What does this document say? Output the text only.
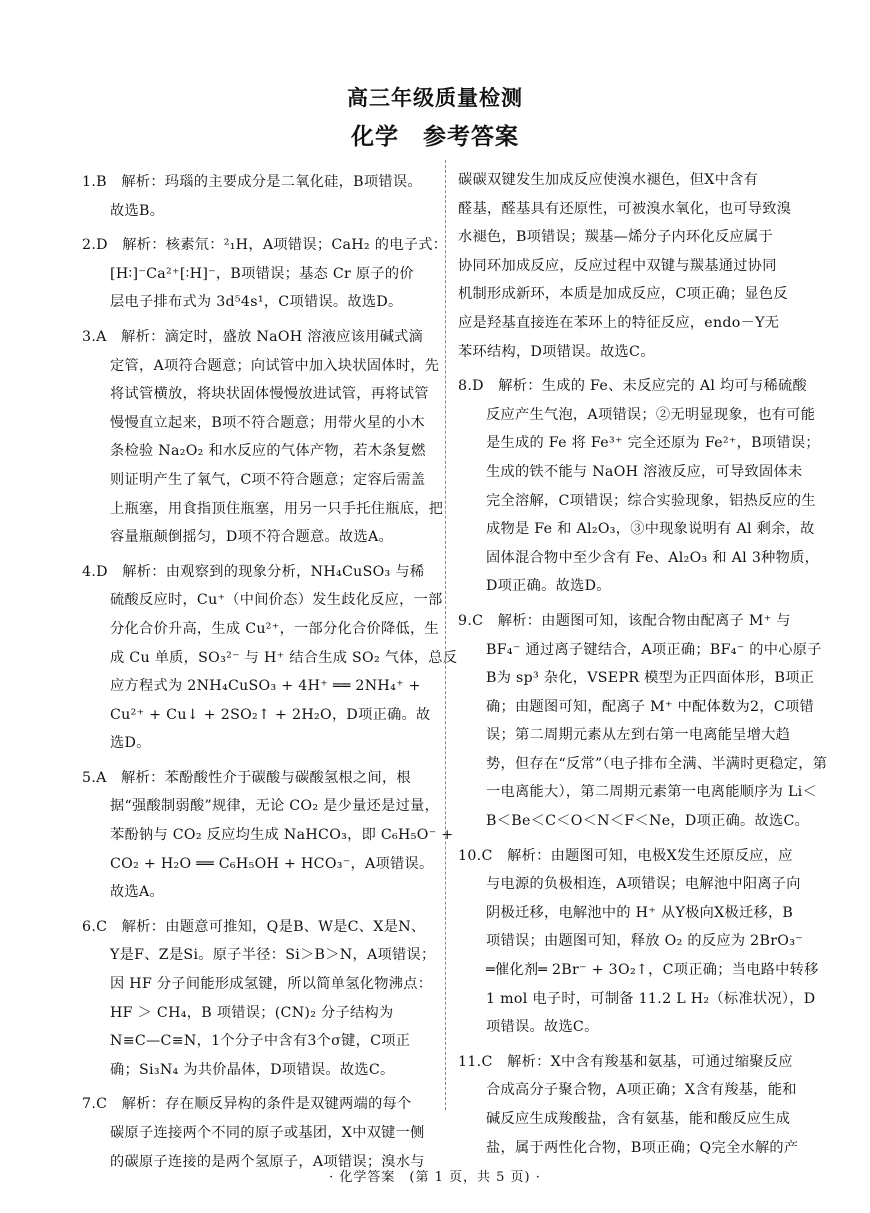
高三年级质量检测
化学　参考答案
1.B　解析：玛瑙的主要成分是二氧化硅，B项错误。
故选B。
2.D　解析：核素氘：²₁H，A项错误；CaH₂ 的电子式：
[H∶]⁻Ca²⁺[∶H]⁻，B项错误；基态 Cr 原子的价
层电子排布式为 3d⁵4s¹，C项错误。故选D。
3.A　解析：滴定时，盛放 NaOH 溶液应该用碱式滴
定管，A项符合题意；向试管中加入块状固体时，先
将试管横放，将块状固体慢慢放进试管，再将试管
慢慢直立起来，B项不符合题意；用带火星的小木
条检验 Na₂O₂ 和水反应的气体产物，若木条复燃
则证明产生了氧气，C项不符合题意；定容后需盖
上瓶塞，用食指顶住瓶塞，用另一只手托住瓶底，把
容量瓶颠倒摇匀，D项不符合题意。故选A。
4.D　解析：由观察到的现象分析，NH₄CuSO₃ 与稀
硫酸反应时，Cu⁺（中间价态）发生歧化反应，一部
分化合价升高，生成 Cu²⁺，一部分化合价降低，生
成 Cu 单质，SO₃²⁻ 与 H⁺ 结合生成 SO₂ 气体，总反
应方程式为 2NH₄CuSO₃ + 4H⁺ ══ 2NH₄⁺ +
Cu²⁺ + Cu↓ + 2SO₂↑ + 2H₂O，D项正确。故
选D。
5.A　解析：苯酚酸性介于碳酸与碳酸氢根之间，根
据“强酸制弱酸”规律，无论 CO₂ 是少量还是过量，
苯酚钠与 CO₂ 反应均生成 NaHCO₃，即 C₆H₅O⁻ +
CO₂ + H₂O ══ C₆H₅OH + HCO₃⁻，A项错误。
故选A。
6.C　解析：由题意可推知，Q是B、W是C、X是N、
Y是F、Z是Si。原子半径：Si＞B＞N，A项错误；
因 HF 分子间能形成氢键，所以简单氢化物沸点：
HF ＞ CH₄，B 项错误；(CN)₂ 分子结构为
N≡C—C≡N，1个分子中含有3个σ键，C项正
确；Si₃N₄ 为共价晶体，D项错误。故选C。
7.C　解析：存在顺反异构的条件是双键两端的每个
碳原子连接两个不同的原子或基团，X中双键一侧
的碳原子连接的是两个氢原子，A项错误；溴水与
碳碳双键发生加成反应使溴水褪色，但X中含有
醛基，醛基具有还原性，可被溴水氧化，也可导致溴
水褪色，B项错误；羰基—烯分子内环化反应属于
协同环加成反应，反应过程中双键与羰基通过协同
机制形成新环，本质是加成反应，C项正确；显色反
应是羟基直接连在苯环上的特征反应，endo－Y无
苯环结构，D项错误。故选C。
8.D　解析：生成的 Fe、未反应完的 Al 均可与稀硫酸
反应产生气泡，A项错误；②无明显现象，也有可能
是生成的 Fe 将 Fe³⁺ 完全还原为 Fe²⁺，B项错误；
生成的铁不能与 NaOH 溶液反应，可导致固体未
完全溶解，C项错误；综合实验现象，铝热反应的生
成物是 Fe 和 Al₂O₃，③中现象说明有 Al 剩余，故
固体混合物中至少含有 Fe、Al₂O₃ 和 Al 3种物质，
D项正确。故选D。
9.C　解析：由题图可知，该配合物由配离子 M⁺ 与
BF₄⁻ 通过离子键结合，A项正确；BF₄⁻ 的中心原子
B为 sp³ 杂化，VSEPR 模型为正四面体形，B项正
确；由题图可知，配离子 M⁺ 中配体数为2，C项错
误；第二周期元素从左到右第一电离能呈增大趋
势，但存在“反常”（电子排布全满、半满时更稳定，第
一电离能大），第二周期元素第一电离能顺序为 Li＜
B＜Be＜C＜O＜N＜F＜Ne，D项正确。故选C。
10.C　解析：由题图可知，电极X发生还原反应，应
与电源的负极相连，A项错误；电解池中阳离子向
阴极迁移，电解池中的 H⁺ 从Y极向X极迁移，B
项错误；由题图可知，释放 O₂ 的反应为 2BrO₃⁻
═催化剂═ 2Br⁻ + 3O₂↑，C项正确；当电路中转移
1 mol 电子时，可制备 11.2 L H₂（标准状况），D
项错误。故选C。
11.C　解析：X中含有羧基和氨基，可通过缩聚反应
合成高分子聚合物，A项正确；X含有羧基，能和
碱反应生成羧酸盐，含有氨基，能和酸反应生成
盐，属于两性化合物，B项正确；Q完全水解的产
· 化学答案　(第 1 页，共 5 页) ·
